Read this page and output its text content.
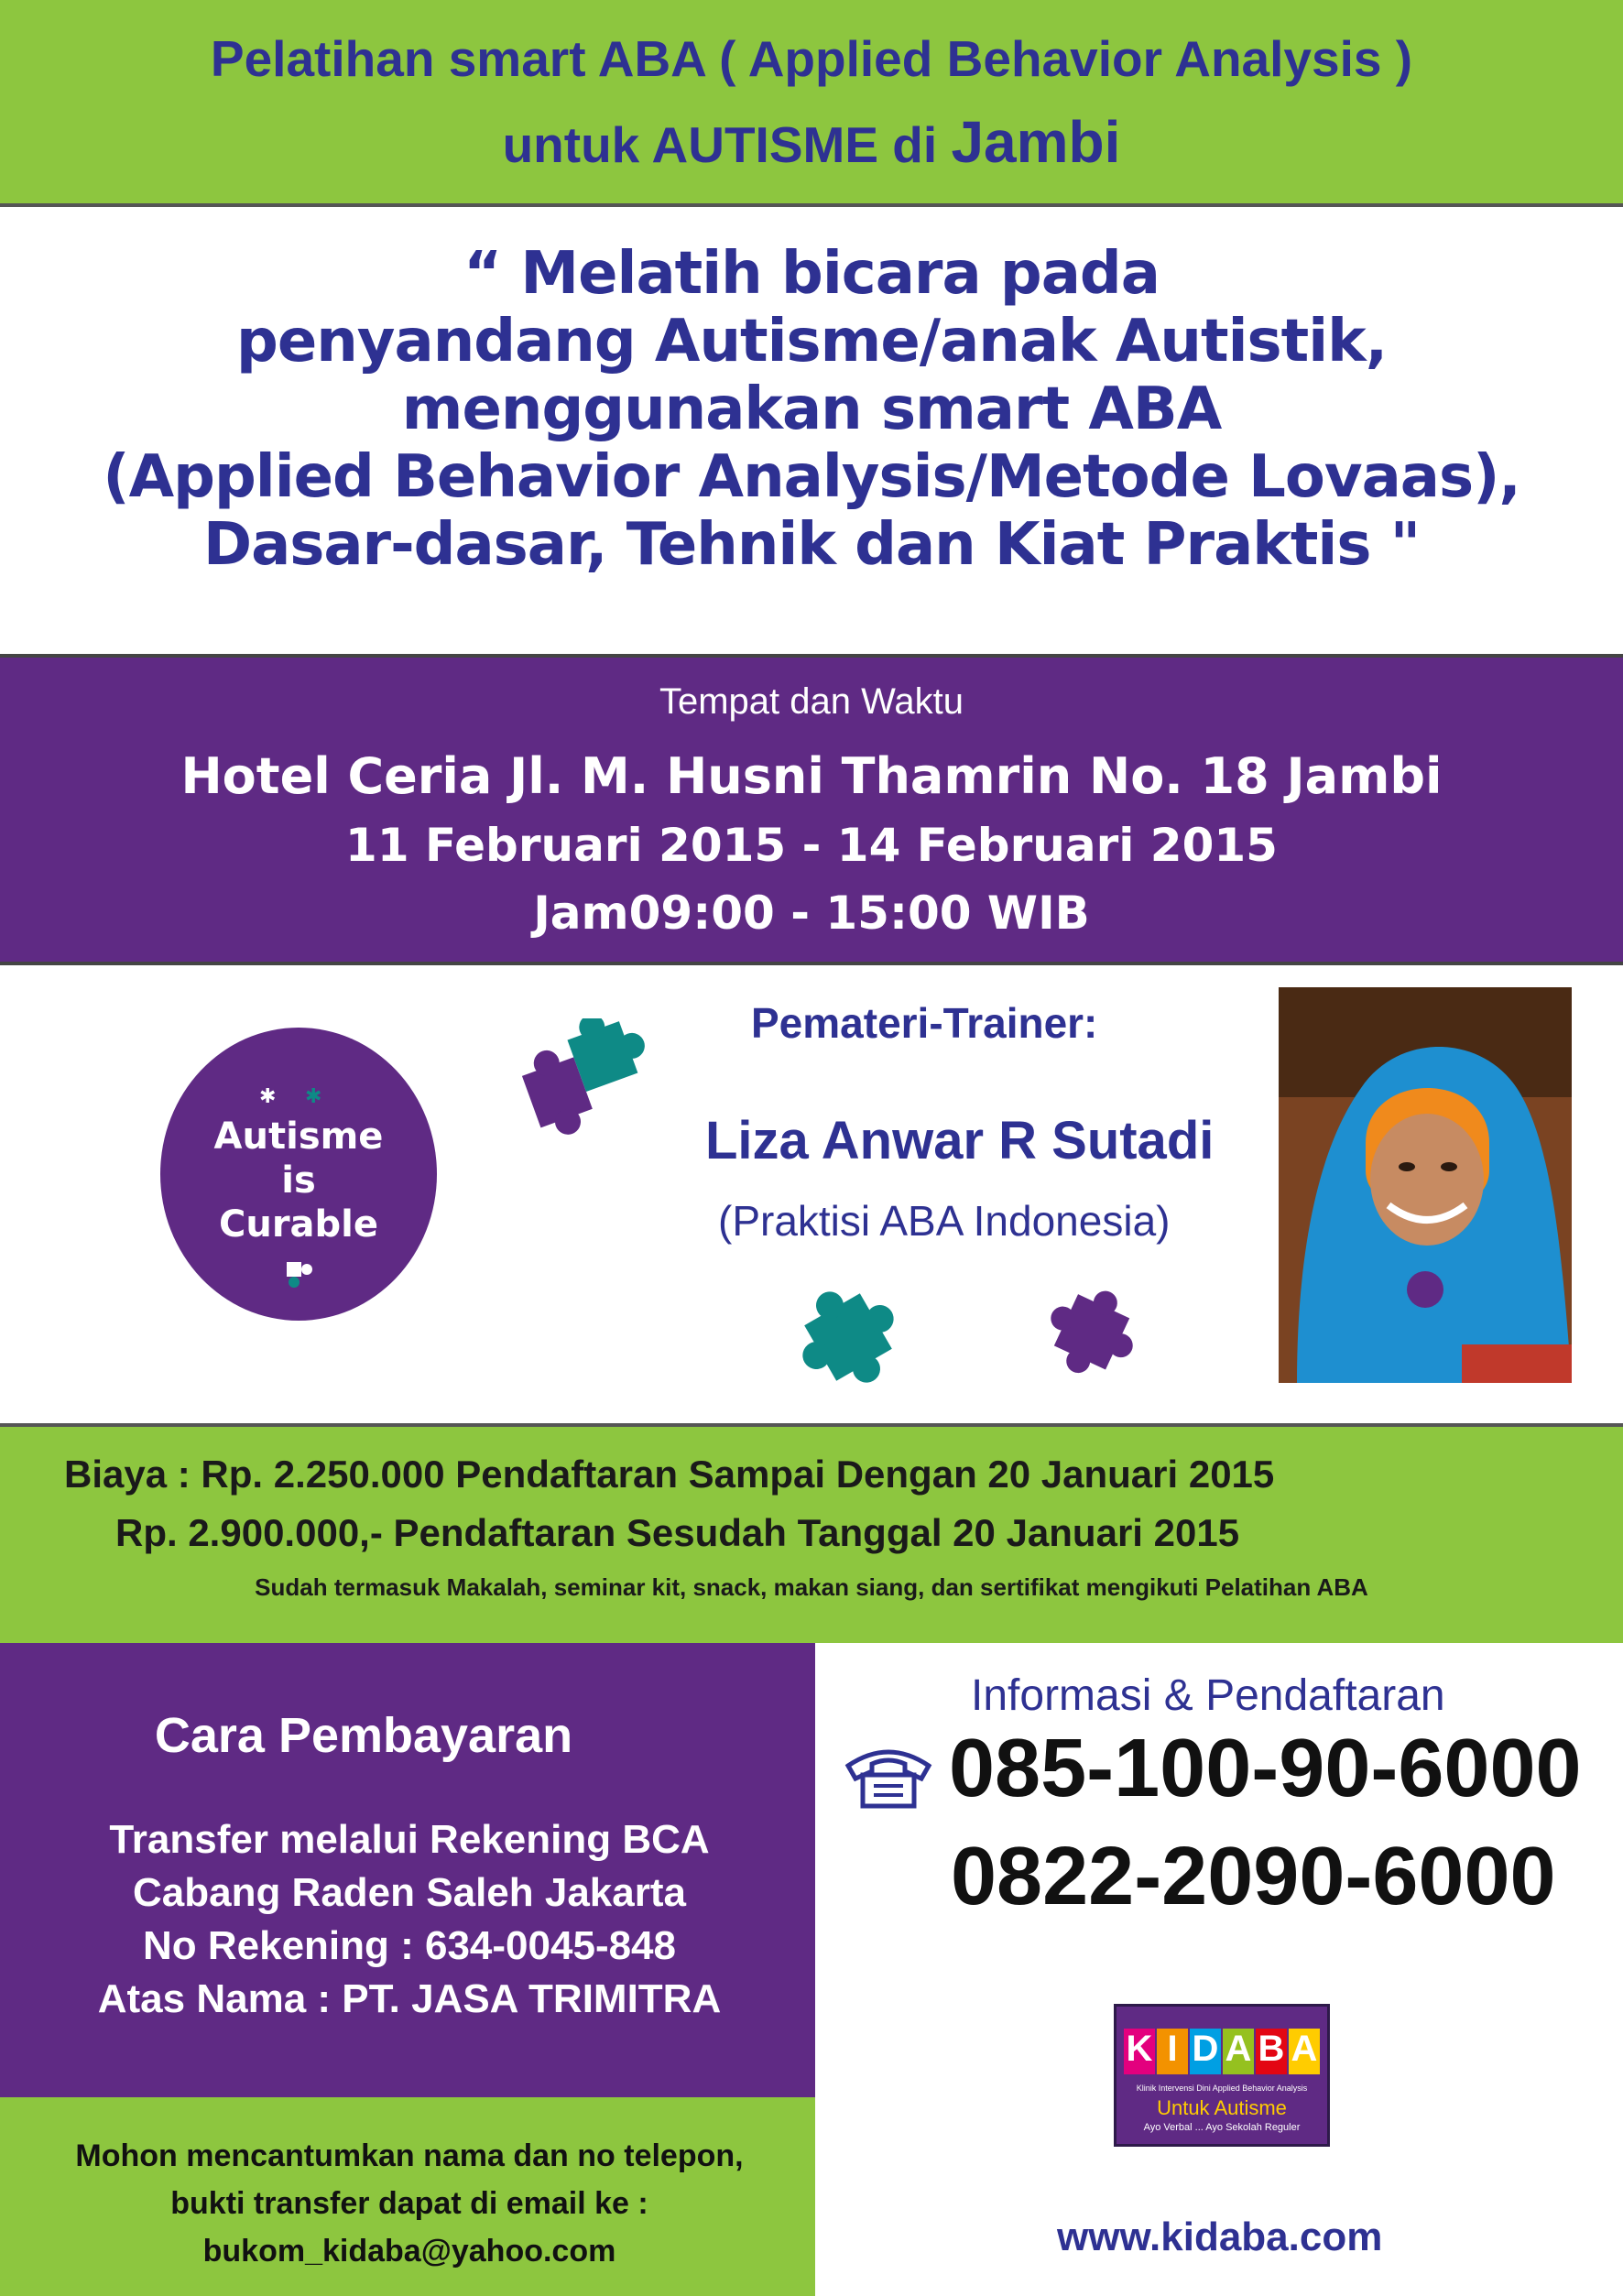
Pelatihan smart ABA ( Applied Behavior Analysis )
untuk AUTISME di Jambi
“ Melatih bicara pada
penyandang Autisme/anak Autistik,
menggunakan smart ABA
(Applied Behavior Analysis/Metode Lovaas),
Dasar-dasar, Tehnik dan Kiat Praktis "
Tempat dan Waktu
Hotel Ceria Jl. M. Husni Thamrin No. 18 Jambi
11 Februari 2015 - 14 Februari 2015
Jam09:00 - 15:00 WIB
✱ ✱
Autisme
is
Curable
Pemateri-Trainer:
Liza Anwar R Sutadi
(Praktisi ABA Indonesia)
Biaya : Rp. 2.250.000 Pendaftaran Sampai Dengan 20 Januari 2015
Rp. 2.900.000,- Pendaftaran Sesudah Tanggal 20 Januari 2015
Sudah termasuk Makalah, seminar kit, snack, makan siang, dan sertifikat mengikuti Pelatihan ABA
Cara Pembayaran
Transfer melalui Rekening BCA
Cabang Raden Saleh Jakarta
No Rekening : 634-0045-848
Atas Nama : PT. JASA TRIMITRA
Mohon mencantumkan nama dan no telepon,
bukti transfer dapat di email ke :
bukom_kidaba@yahoo.com
Informasi & Pendaftaran
085-100-90-6000
0822-2090-6000
K I D A B A
Klinik Intervensi Dini Applied Behavior Analysis
Untuk Autisme
Ayo Verbal ... Ayo Sekolah Reguler
www.kidaba.com
